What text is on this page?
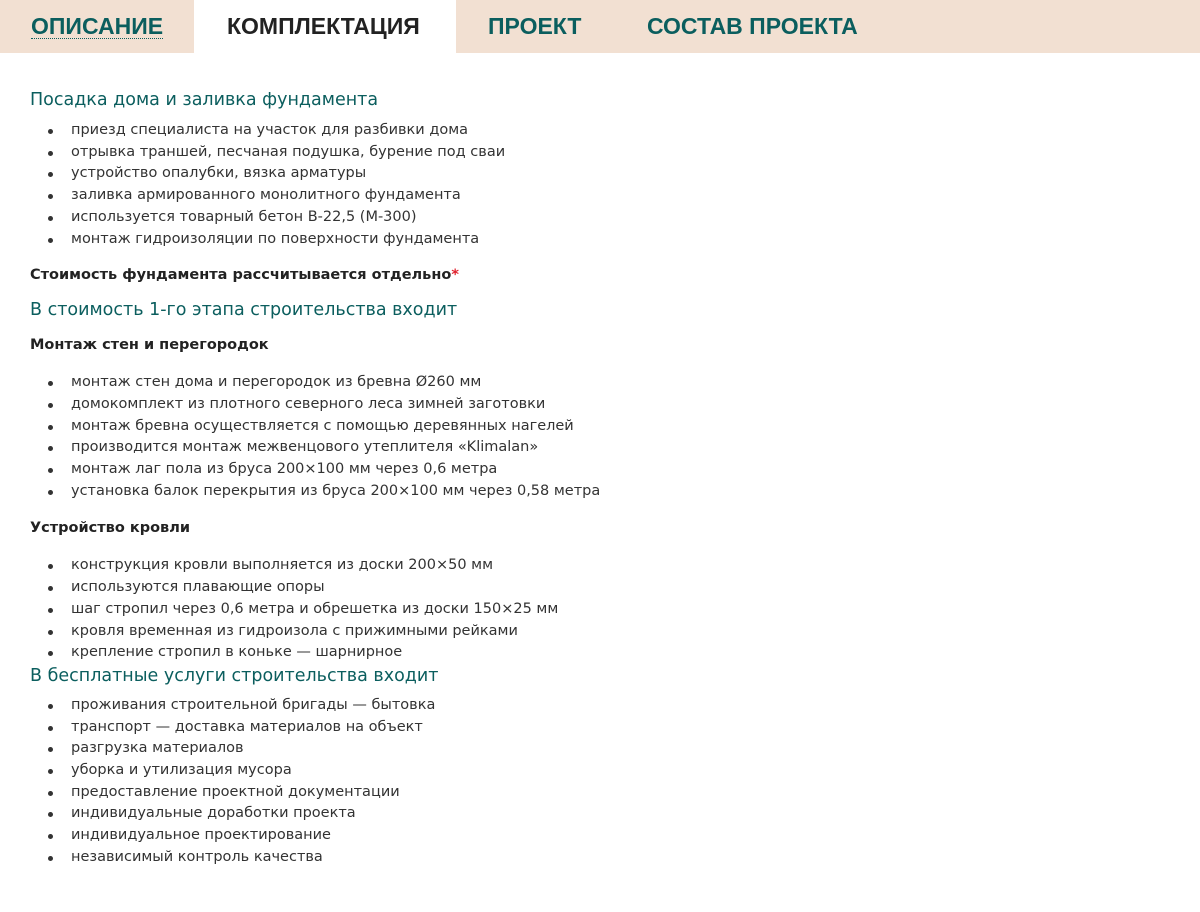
ОПИСАНИЕ	КОМПЛЕКТАЦИЯ	ПРОЕКТ	СОСТАВ ПРОЕКТА
Посадка дома и заливка фундамента
приезд специалиста на участок для разбивки дома
отрывка траншей, песчаная подушка, бурение под сваи
устройство опалубки, вязка арматуры
заливка армированного монолитного фундамента
используется товарный бетон В-22,5 (М-300)
монтаж гидроизоляции по поверхности фундамента

Стоимость фундамента рассчитывается отдельно*

В стоимость 1-го этапа строительства входит

Монтаж стен и перегородок

монтаж стен дома и перегородок из бревна Ø260 мм
домокомплект из плотного северного леса зимней заготовки
монтаж бревна осуществляется с помощью деревянных нагелей
производится монтаж межвенцового утеплителя «Klimalan»
монтаж лаг пола из бруса 200×100 мм через 0,6 метра
установка балок перекрытия из бруса 200×100 мм через 0,58 метра

Устройство кровли

конструкция кровли выполняется из доски 200×50 мм
используются плавающие опоры
шаг стропил через 0,6 метра и обрешетка из доски 150×25 мм
кровля временная из гидроизола с прижимными рейками
крепление стропил в коньке — шарнирное
В бесплатные услуги строительства входит
проживания строительной бригады — бытовка
транспорт — доставка материалов на объект
разгрузка материалов
уборка и утилизация мусора
предоставление проектной документации
индивидуальные доработки проекта
индивидуальное проектирование
независимый контроль качества
